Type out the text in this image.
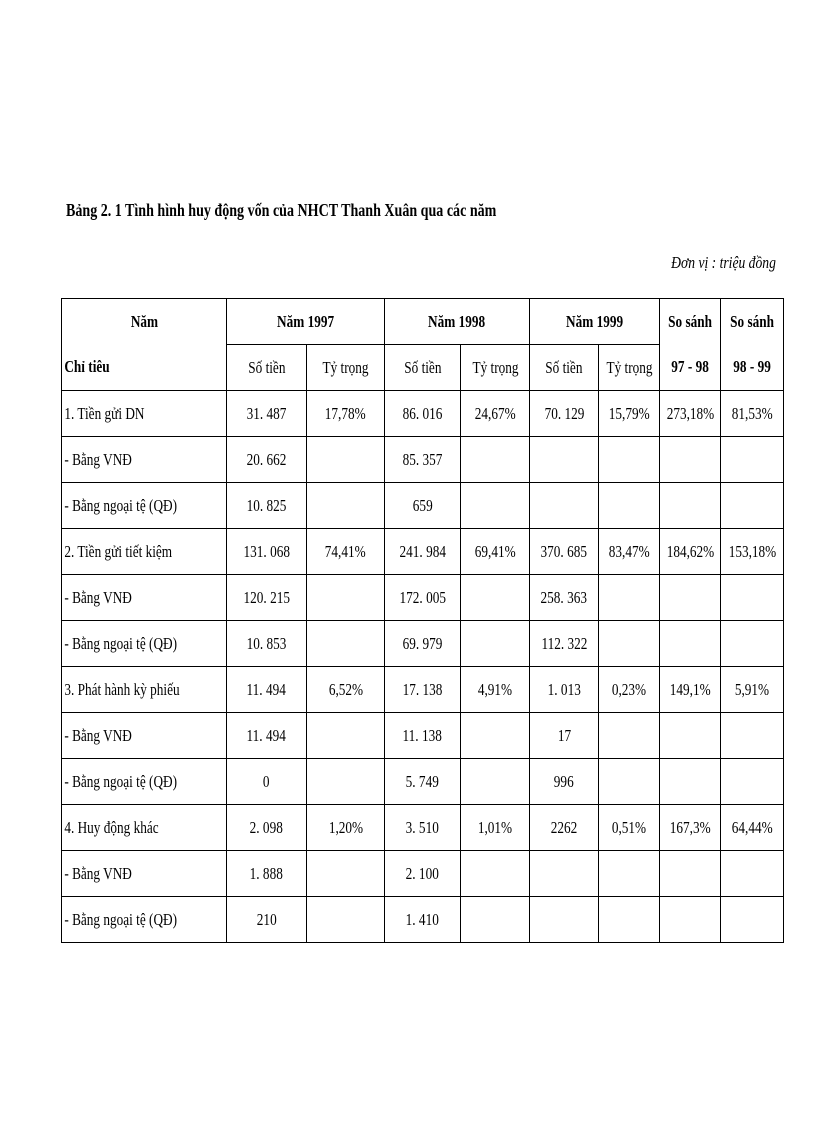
Bảng 2. 1 Tình hình huy động vốn của NHCT Thanh Xuân qua các năm
Đơn vị : triệu đồng
Năm	Năm 1997		Năm 1998		Năm 1999		So sánh	So sánh
Chỉ tiêu	Số tiền	Tỷ trọng	Số tiền	Tỷ trọng	Số tiền	Tỷ trọng	97 - 98	98 - 99
1. Tiền gửi DN	31. 487	17,78%	86. 016	24,67%	70. 129	15,79%	273,18%	81,53%
- Bằng VNĐ	20. 662		85. 357					
- Bằng ngoại tệ (QĐ)	10. 825		659					
2. Tiền gửi tiết kiệm	131. 068	74,41%	241. 984	69,41%	370. 685	83,47%	184,62%	153,18%
- Bằng VNĐ	120. 215		172. 005		258. 363			
- Bằng ngoại tệ (QĐ)	10. 853		69. 979		112. 322			
3. Phát hành kỳ phiếu	11. 494	6,52%	17. 138	4,91%	1. 013	0,23%	149,1%	5,91%
- Bằng VNĐ	11. 494		11. 138		17			
- Bằng ngoại tệ (QĐ)	0		5. 749		996			
4. Huy động khác	2. 098	1,20%	3. 510	1,01%	2262	0,51%	167,3%	64,44%
- Bằng VNĐ	1. 888		2. 100					
- Bằng ngoại tệ (QĐ)	210		1. 410					
